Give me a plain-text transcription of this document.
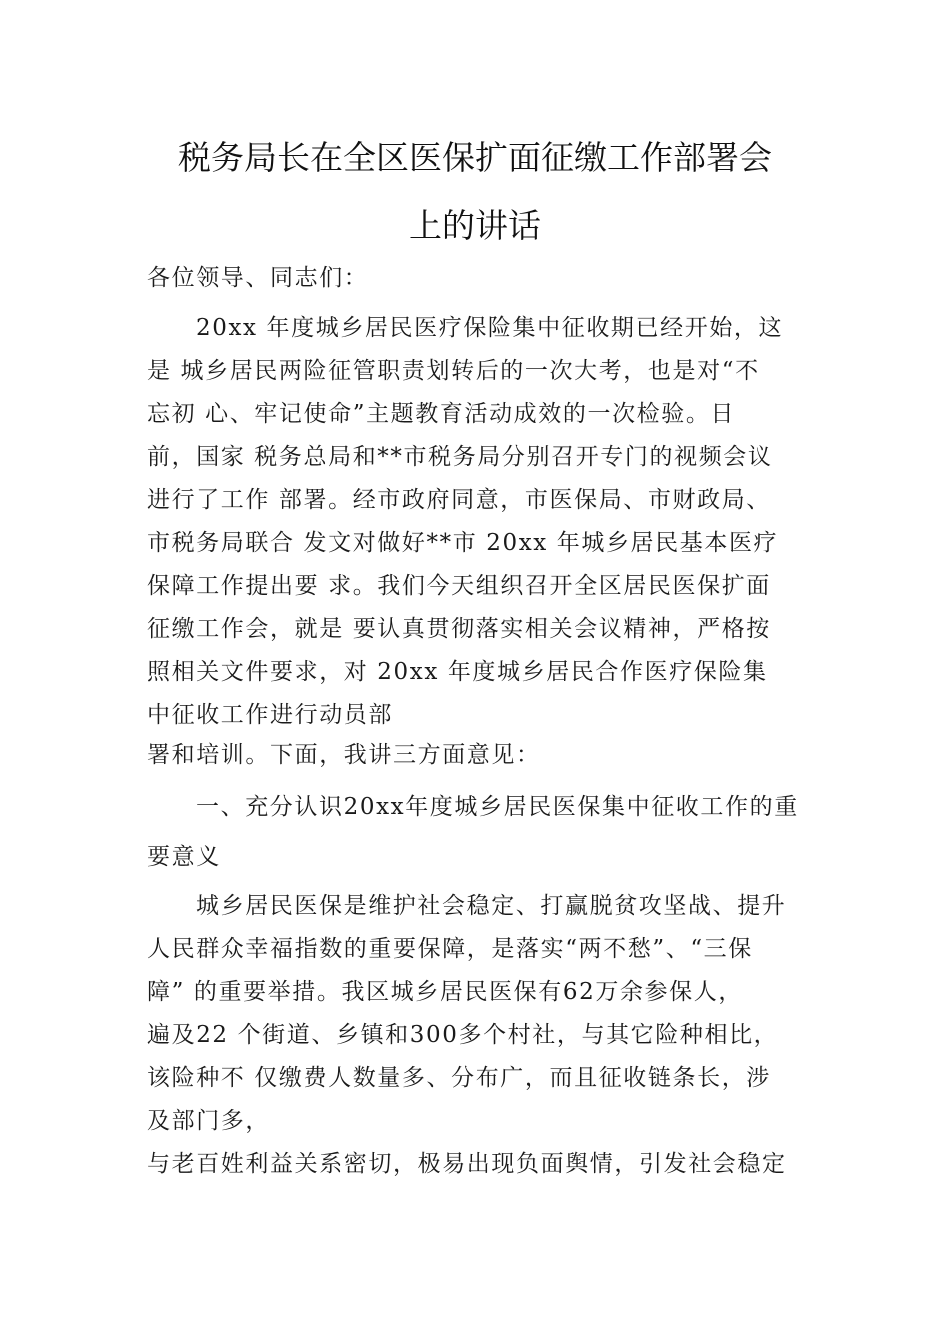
税务局长在全区医保扩面征缴工作部署会
上的讲话
各位领导、同志们：
20xx 年度城乡居民医疗保险集中征收期已经开始，这
是 城乡居民两险征管职责划转后的一次大考，也是对“不
忘初 心、牢记使命”主题教育活动成效的一次检验。日
前，国家 税务总局和**市税务局分别召开专门的视频会议
进行了工作 部署。经市政府同意，市医保局、市财政局、
市税务局联合 发文对做好**市 20xx 年城乡居民基本医疗
保障工作提出要 求。我们今天组织召开全区居民医保扩面
征缴工作会，就是 要认真贯彻落实相关会议精神，严格按
照相关文件要求，对 20xx 年度城乡居民合作医疗保险集
中征收工作进行动员部
署和培训。下面，我讲三方面意见：
一、充分认识20xx年度城乡居民医保集中征收工作的重
要意义
城乡居民医保是维护社会稳定、打赢脱贫攻坚战、提升
人民群众幸福指数的重要保障，是落实“两不愁”、“三保
障” 的重要举措。我区城乡居民医保有62万余参保人，
遍及22 个街道、乡镇和300多个村社，与其它险种相比，
该险种不 仅缴费人数量多、分布广，而且征收链条长，涉
及部门多，
与老百姓利益关系密切，极易出现负面舆情，引发社会稳定
